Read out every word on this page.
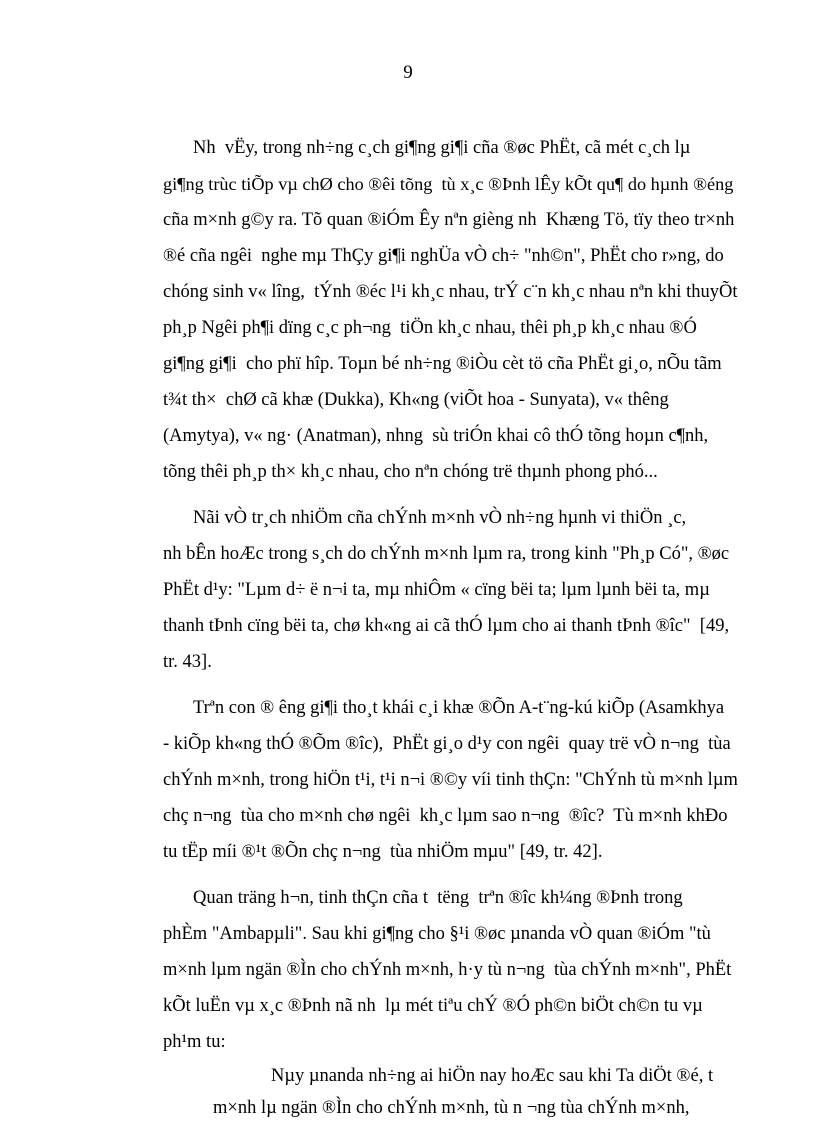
9
Nh  vËy, trong nh÷ng c¸ch gi¶ng gi¶i cña ®øc PhËt, cã mét c¸ch lµ
gi¶ng trùc tiÕp vµ chØ cho ®êi tõng  tù x¸c ®Þnh lÊy kÕt qu¶ do hµnh ®éng
cña m×nh g©y ra. Tõ quan ®iÓm Êy nªn gièng nh  Khæng Tö, tïy theo tr×nh
®é cña ngêi  nghe mµ ThÇy gi¶i nghÜa vÒ ch÷ "nh©n", PhËt cho r»ng, do
chóng sinh v« lîng,  tÝnh ®éc l¹i kh¸c nhau, trÝ c¨n kh¸c nhau nªn khi thuyÕt
ph¸p Ngêi ph¶i dïng c¸c ph¬ng  tiÖn kh¸c nhau, thêi ph¸p kh¸c nhau ®Ó
gi¶ng gi¶i  cho phï hîp. Toµn bé nh÷ng ®iÒu cèt tö cña PhËt gi¸o, nÕu tãm
t¾t th×  chØ cã khæ (Dukka), Kh«ng (viÕt hoa - Sunyata), v« thêng
(Amytya), v« ng· (Anatman), nhng  sù triÓn khai cô thÓ tõng hoµn c¶nh,
tõng thêi ph¸p th× kh¸c nhau, cho nªn chóng trë thµnh phong phó...
Nãi vÒ tr¸ch nhiÖm cña chÝnh m×nh vÒ nh÷ng hµnh vi thiÖn ¸c,
nh bÊn hoÆc trong s¸ch do chÝnh m×nh lµm ra, trong kinh "Ph¸p Có", ®øc
PhËt d¹y: "Lµm d÷ ë n¬i ta, mµ nhiÔm « cïng bëi ta; lµm lµnh bëi ta, mµ
thanh tÞnh cïng bëi ta, chø kh«ng ai cã thÓ lµm cho ai thanh tÞnh ®îc"  [49,
tr. 43].
Trªn con ® êng gi¶i tho¸t khái c¸i khæ ®Õn A-t¨ng-kú kiÕp (Asamkhya
- kiÕp kh«ng thÓ ®Õm ®îc),  PhËt gi¸o d¹y con ngêi  quay trë vÒ n¬ng  tùa
chÝnh m×nh, trong hiÖn t¹i, t¹i n¬i ®©y víi tinh thÇn: "ChÝnh tù m×nh lµm
chç n¬ng  tùa cho m×nh chø ngêi  kh¸c lµm sao n¬ng  ®îc?  Tù m×nh khÐo
tu tËp míi ®¹t ®Õn chç n¬ng  tùa nhiÖm mµu" [49, tr. 42].
Quan träng h¬n, tinh thÇn cña t  tëng  trªn ®îc kh¼ng ®Þnh trong
phÈm "Ambapµli". Sau khi gi¶ng cho §¹i ®øc µnanda vÒ quan ®iÓm "tù
m×nh lµm ngän ®Ìn cho chÝnh m×nh, h·y tù n¬ng  tùa chÝnh m×nh", PhËt
kÕt luËn vµ x¸c ®Þnh nã nh  lµ mét tiªu chÝ ®Ó ph©n biÖt ch©n tu vµ
ph¹m tu:
Nµy µnanda nh÷ng ai hiÖn nay hoÆc sau khi Ta diÖt ®é, t
m×nh lµ ngän ®Ìn cho chÝnh m×nh, tù n ¬ng tùa chÝnh m×nh,
